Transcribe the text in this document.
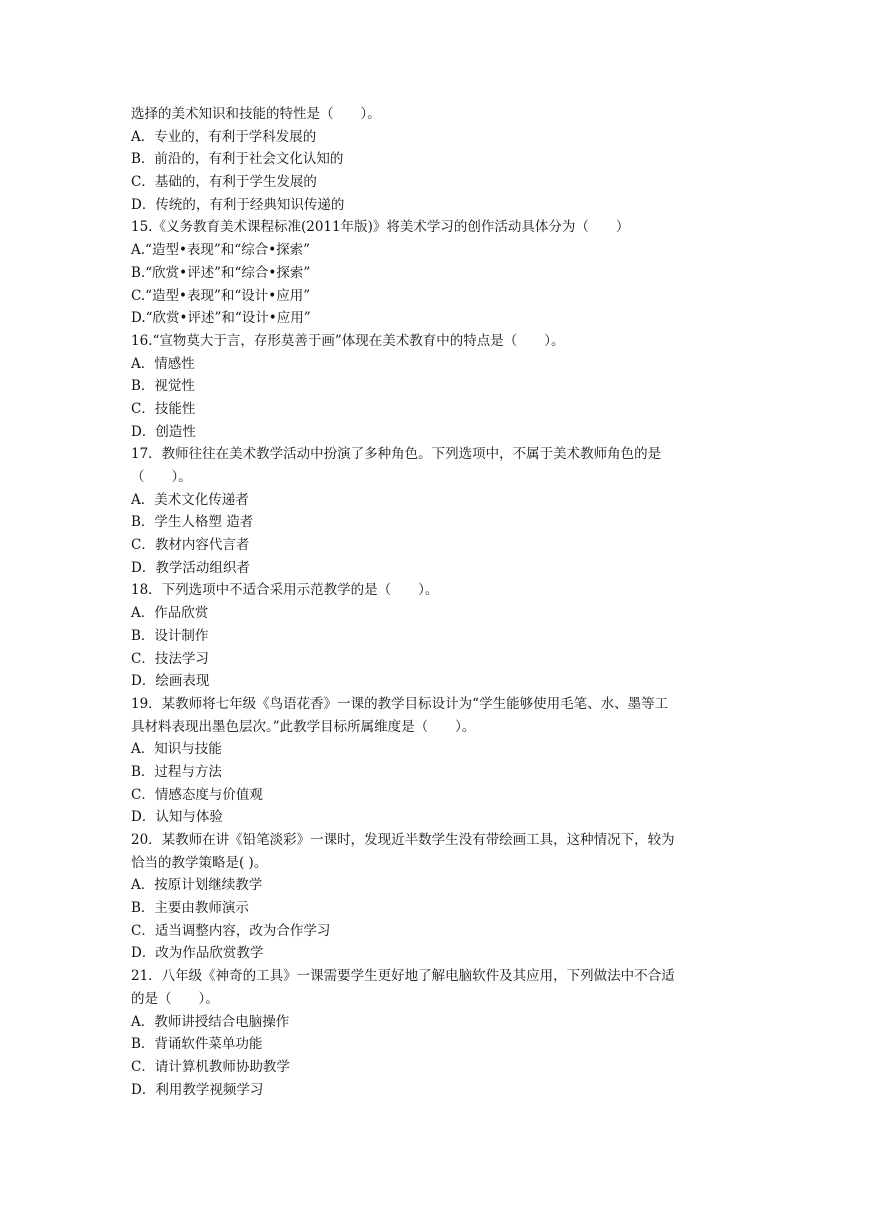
选择的美术知识和技能的特性是（　　）。
A．专业的，有利于学科发展的
B．前沿的，有利于社会文化认知的
C．基础的，有利于学生发展的
D．传统的，有利于经典知识传递的
15.《义务教育美术课程标准(2011年版)》将美术学习的创作活动具体分为（　　）
A.“造型•表现”和“综合•探索”
B.“欣赏•评述”和“综合•探索”
C.“造型•表现”和“设计•应用”
D.“欣赏•评述”和“设计•应用”
16.“宣物莫大于言，存形莫善于画”体现在美术教育中的特点是（　　）。
A．情感性
B．视觉性
C．技能性
D．创造性
17．教师往往在美术教学活动中扮演了多种角色。下列选项中，不属于美术教师角色的是
（　　）。
A．美术文化传递者
B．学生人格塑 造者
C．教材内容代言者
D．教学活动组织者
18．下列选项中不适合采用示范教学的是（　　）。
A．作品欣赏
B．设计制作
C．技法学习
D．绘画表现
19．某教师将七年级《鸟语花香》一课的教学目标设计为“学生能够使用毛笔、水、墨等工
具材料表现出墨色层次。”此教学目标所属维度是（　　）。
A．知识与技能
B．过程与方法
C．情感态度与价值观
D．认知与体验
20．某教师在讲《铅笔淡彩》一课时，发现近半数学生没有带绘画工具，这种情况下，较为
恰当的教学策略是( )。
A．按原计划继续教学
B．主要由教师演示
C．适当调整内容，改为合作学习
D．改为作品欣赏教学
21．八年级《神奇的工具》一课需要学生更好地了解电脑软件及其应用，下列做法中不合适
的是（　　）。
A．教师讲授结合电脑操作
B．背诵软件菜单功能
C．请计算机教师协助教学
D．利用教学视频学习
